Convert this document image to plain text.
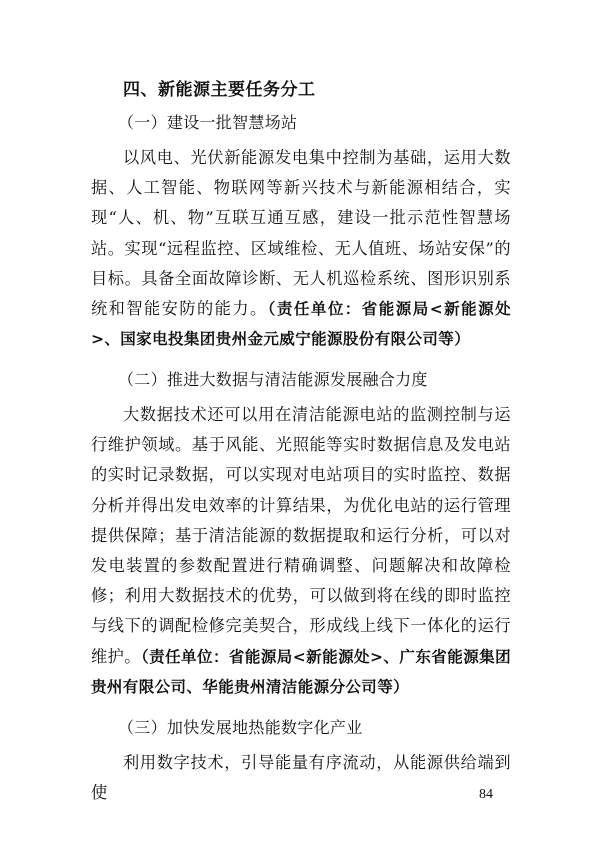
四、新能源主要任务分工
（一）建设一批智慧场站

以风电、光伏新能源发电集中控制为基础，运用大数据、人工智能、物联网等新兴技术与新能源相结合，实现“人、机、物”互联互通互感，建设一批示范性智慧场站。实现“远程监控、区域维检、无人值班、场站安保”的目标。具备全面故障诊断、无人机巡检系统、图形识别系统和智能安防的能力。（责任单位：省能源局<新能源处>、国家电投集团贵州金元威宁能源股份有限公司等）

（二）推进大数据与清洁能源发展融合力度

大数据技术还可以用在清洁能源电站的监测控制与运行维护领域。基于风能、光照能等实时数据信息及发电站的实时记录数据，可以实现对电站项目的实时监控、数据分析并得出发电效率的计算结果，为优化电站的运行管理提供保障；基于清洁能源的数据提取和运行分析，可以对发电装置的参数配置进行精确调整、问题解决和故障检修；利用大数据技术的优势，可以做到将在线的即时监控与线下的调配检修完美契合，形成线上线下一体化的运行维护。（责任单位：省能源局<新能源处>、广东省能源集团贵州有限公司、华能贵州清洁能源分公司等）

（三）加快发展地热能数字化产业

利用数字技术，引导能量有序流动，从能源供给端到使	84
